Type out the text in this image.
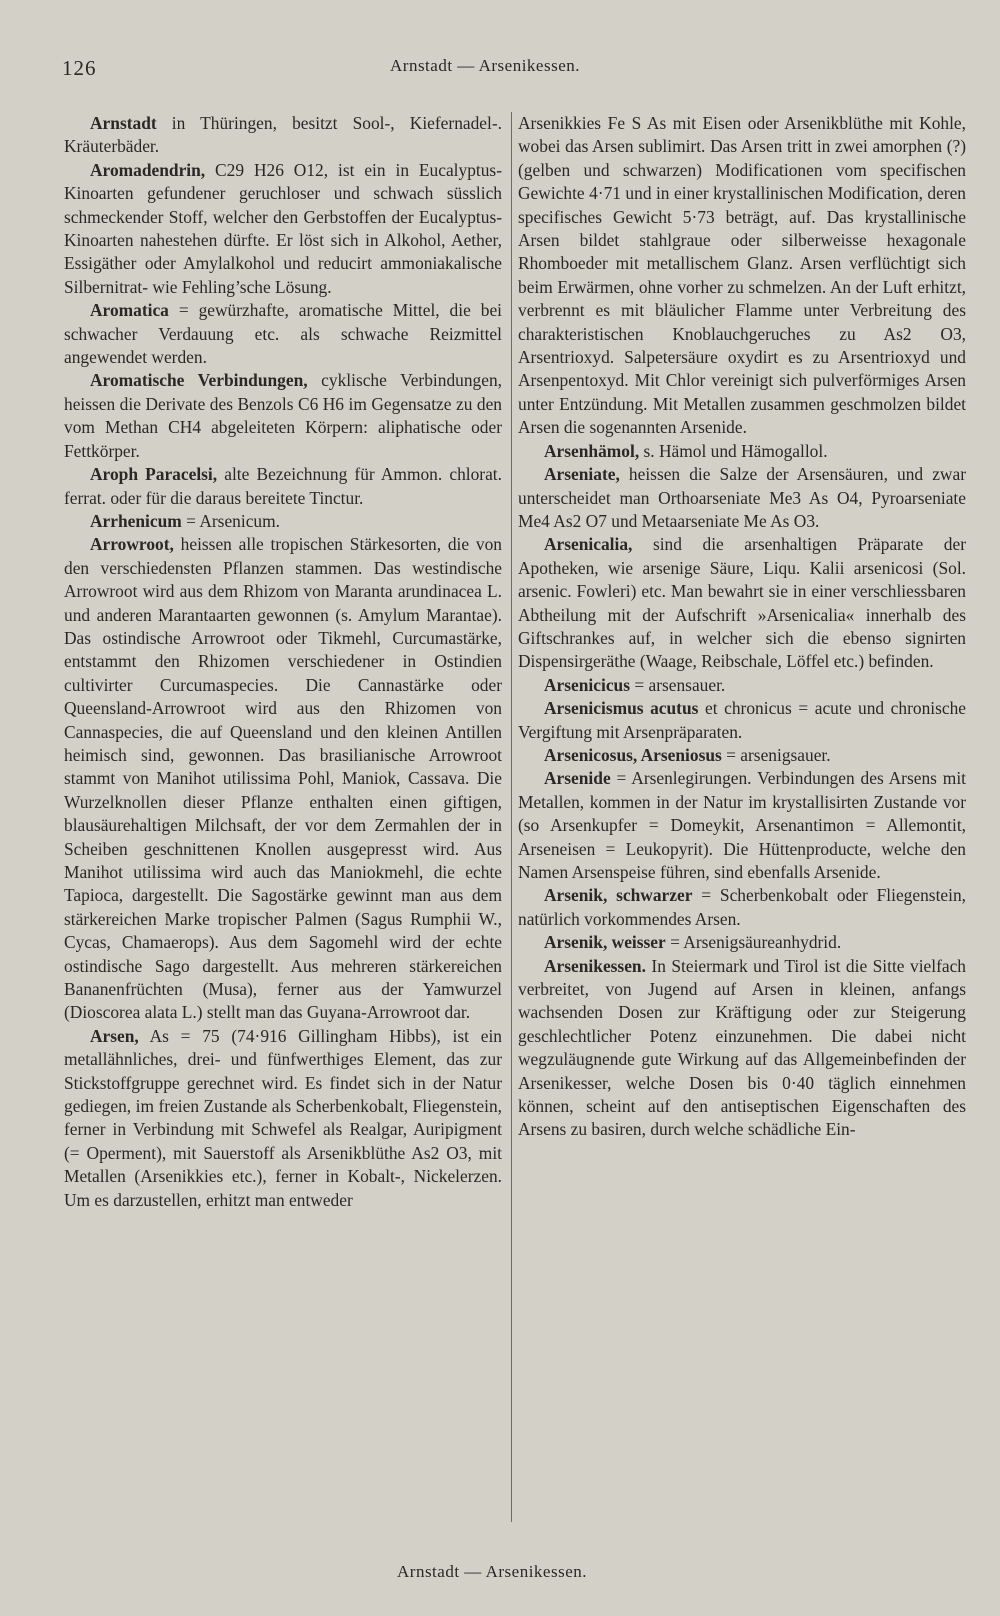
126	Arnstadt — Arsenikessen.

Arnstadt in Thüringen, besitzt Sool-, Kiefernadel-. Kräuterbäder.

Aromadendrin, C29 H26 O12, ist ein in Eucalyptus-Kinoarten gefundener geruchloser und schwach süsslich schmeckender Stoff, welcher den Gerbstoffen der Eucalyptus-Kinoarten nahestehen dürfte. Er löst sich in Alkohol, Aether, Essigäther oder Amylalkohol und reducirt ammoniakalische Silbernitrat- wie Fehling’sche Lösung.

Aromatica = gewürzhafte, aromatische Mittel, die bei schwacher Verdauung etc. als schwache Reizmittel angewendet werden.

Aromatische Verbindungen, cyklische Verbindungen, heissen die Derivate des Benzols C6 H6 im Gegensatze zu den vom Methan CH4 abgeleiteten Körpern: aliphatische oder Fettkörper.

Aroph Paracelsi, alte Bezeichnung für Ammon. chlorat. ferrat. oder für die daraus bereitete Tinctur.

Arrhenicum = Arsenicum.

Arrowroot, heissen alle tropischen Stärkesorten, die von den verschiedensten Pflanzen stammen. Das westindische Arrowroot wird aus dem Rhizom von Maranta arundinacea L. und anderen Marantaarten gewonnen (s. Amylum Marantae). Das ostindische Arrowroot oder Tikmehl, Curcumastärke, entstammt den Rhizomen verschiedener in Ostindien cultivirter Curcumaspecies. Die Cannastärke oder Queensland-Arrowroot wird aus den Rhizomen von Cannaspecies, die auf Queensland und den kleinen Antillen heimisch sind, gewonnen. Das brasilianische Arrowroot stammt von Manihot utilissima Pohl, Maniok, Cassava. Die Wurzelknollen dieser Pflanze enthalten einen giftigen, blausäurehaltigen Milchsaft, der vor dem Zermahlen der in Scheiben geschnittenen Knollen ausgepresst wird. Aus Manihot utilissima wird auch das Maniokmehl, die echte Tapioca, dargestellt. Die Sagostärke gewinnt man aus dem stärkereichen Marke tropischer Palmen (Sagus Rumphii W., Cycas, Chamaerops). Aus dem Sagomehl wird der echte ostindische Sago dargestellt. Aus mehreren stärkereichen Bananenfrüchten (Musa), ferner aus der Yamwurzel (Dioscorea alata L.) stellt man das Guyana-Arrowroot dar.

Arsen, As = 75 (74·916 Gillingham Hibbs), ist ein metallähnliches, drei- und fünfwerthiges Element, das zur Stickstoffgruppe gerechnet wird. Es findet sich in der Natur gediegen, im freien Zustande als Scherbenkobalt, Fliegenstein, ferner in Verbindung mit Schwefel als Realgar, Auripigment (= Operment), mit Sauerstoff als Arsenikblüthe As2 O3, mit Metallen (Arsenikkies etc.), ferner in Kobalt-, Nickelerzen. Um es darzustellen, erhitzt man entweder

Arsenikkies Fe S As mit Eisen oder Arsenikblüthe mit Kohle, wobei das Arsen sublimirt. Das Arsen tritt in zwei amorphen (?) (gelben und schwarzen) Modificationen vom specifischen Gewichte 4·71 und in einer krystallinischen Modification, deren specifisches Gewicht 5·73 beträgt, auf. Das krystallinische Arsen bildet stahlgraue oder silberweisse hexagonale Rhomboeder mit metallischem Glanz. Arsen verflüchtigt sich beim Erwärmen, ohne vorher zu schmelzen. An der Luft erhitzt, verbrennt es mit bläulicher Flamme unter Verbreitung des charakteristischen Knoblauchgeruches zu As2 O3, Arsentrioxyd. Salpetersäure oxydirt es zu Arsentrioxyd und Arsenpentoxyd. Mit Chlor vereinigt sich pulverförmiges Arsen unter Entzündung. Mit Metallen zusammen geschmolzen bildet Arsen die sogenannten Arsenide.

Arsenhämol, s. Hämol und Hämogallol.

Arseniate, heissen die Salze der Arsensäuren, und zwar unterscheidet man Orthoarseniate Me3 As O4, Pyroarseniate Me4 As2 O7 und Metaarseniate Me As O3.

Arsenicalia, sind die arsenhaltigen Präparate der Apotheken, wie arsenige Säure, Liqu. Kalii arsenicosi (Sol. arsenic. Fowleri) etc. Man bewahrt sie in einer verschliessbaren Abtheilung mit der Aufschrift »Arsenicalia« innerhalb des Giftschrankes auf, in welcher sich die ebenso signirten Dispensirgeräthe (Waage, Reibschale, Löffel etc.) befinden.

Arsenicicus = arsensauer.

Arsenicismus acutus et chronicus = acute und chronische Vergiftung mit Arsenpräparaten.

Arsenicosus, Arseniosus = arsenigsauer.

Arsenide = Arsenlegirungen. Verbindungen des Arsens mit Metallen, kommen in der Natur im krystallisirten Zustande vor (so Arsenkupfer = Domeykit, Arsenantimon = Allemontit, Arseneisen = Leukopyrit). Die Hüttenproducte, welche den Namen Arsenspeise führen, sind ebenfalls Arsenide.

Arsenik, schwarzer = Scherbenkobalt oder Fliegenstein, natürlich vorkommendes Arsen.

Arsenik, weisser = Arsenigsäureanhydrid.

Arsenikessen. In Steiermark und Tirol ist die Sitte vielfach verbreitet, von Jugend auf Arsen in kleinen, anfangs wachsenden Dosen zur Kräftigung oder zur Steigerung geschlechtlicher Potenz einzunehmen. Die dabei nicht wegzuläugnende gute Wirkung auf das Allgemeinbefinden der Arsenikesser, welche Dosen bis 0·40 täglich einnehmen können, scheint auf den antiseptischen Eigenschaften des Arsens zu basiren, durch welche schädliche Ein-

Arnstadt — Arsenikessen.
